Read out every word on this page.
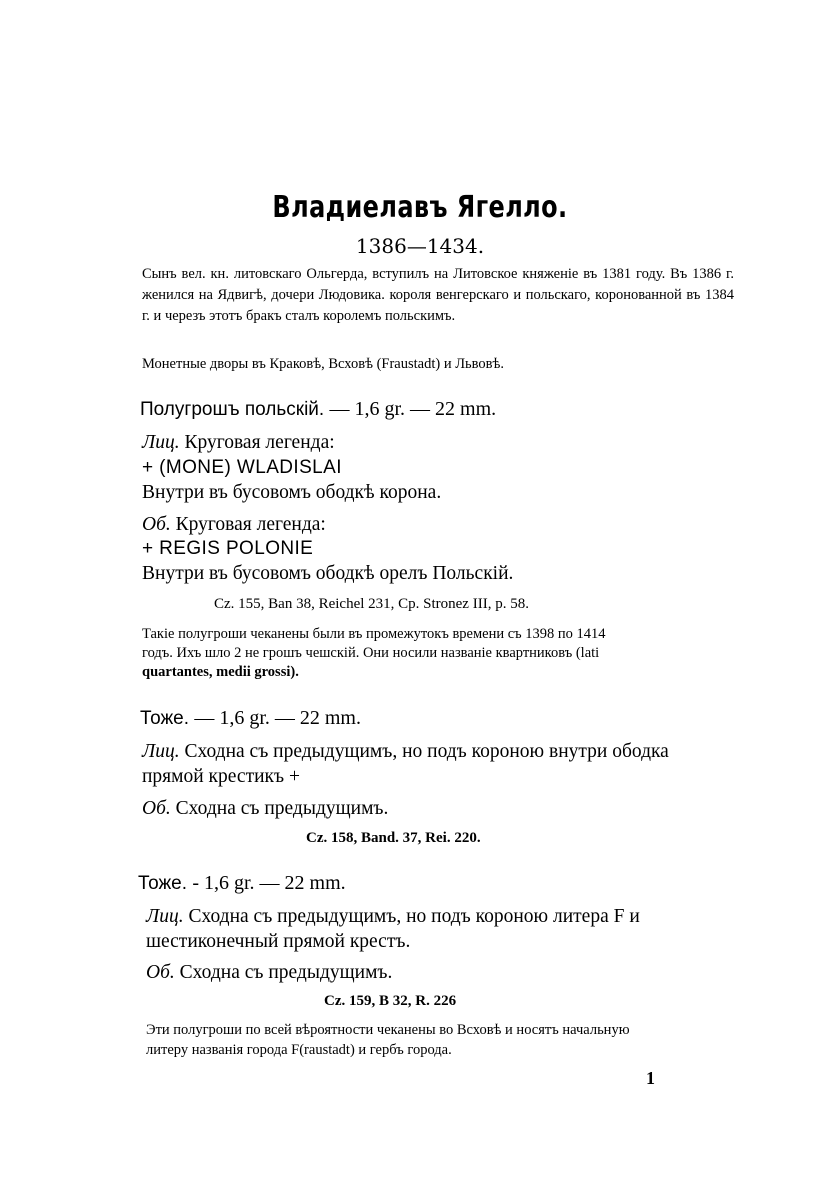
Владиелавъ Ягелло.
1386—1434.
Сынъ вел. кн. литовскаго Ольгерда, вступилъ на Литовское княженіе въ 1381 году. Въ 1386 г. женился на Ядвигѣ, дочери Людовика. короля венгерскаго и польскаго, коронованной въ 1384 г. и черезъ этотъ бракъ сталъ королемъ польскимъ.
Монетные дворы въ Краковѣ, Всховѣ (Fraustadt) и Львовѣ.
Полугрошъ польскій. — 1,6 gr. — 22 mm.
Лиц. Круговая легенда:
+ (MONE) WLADISLAI
Внутри въ бусовомъ ободкѣ корона.
Об. Круговая легенда:
+ REGIS POLONIE
Внутри въ бусовомъ ободкѣ орелъ Польскій.
Cz. 155, Ban 38, Reichel 231, Cp. Stronez III, p. 58.
Такіе полугроши чеканены были въ промежутокъ времени съ 1398 по 1414
годъ. Ихъ шло 2 не грошъ чешскій. Они носили названіе квартниковъ (lati
quartantes, medii grossi).
Тоже. — 1,6 gr. — 22 mm.
Лиц. Сходна съ предыдущимъ, но подъ короною внутри ободка
прямой крестикъ +
Об. Сходна съ предыдущимъ.
Cz. 158, Band. 37, Rei. 220.
Тоже. - 1,6 gr. — 22 mm.
Лиц. Сходна съ предыдущимъ, но подъ короною литера F и
шестиконечный прямой крестъ.
Об. Сходна съ предыдущимъ.
Cz. 159, B 32, R. 226
Эти полугроши по всей вѣроятности чеканены во Всховѣ и носятъ начальную
литеру названія города F(raustadt) и гербъ города.
1
